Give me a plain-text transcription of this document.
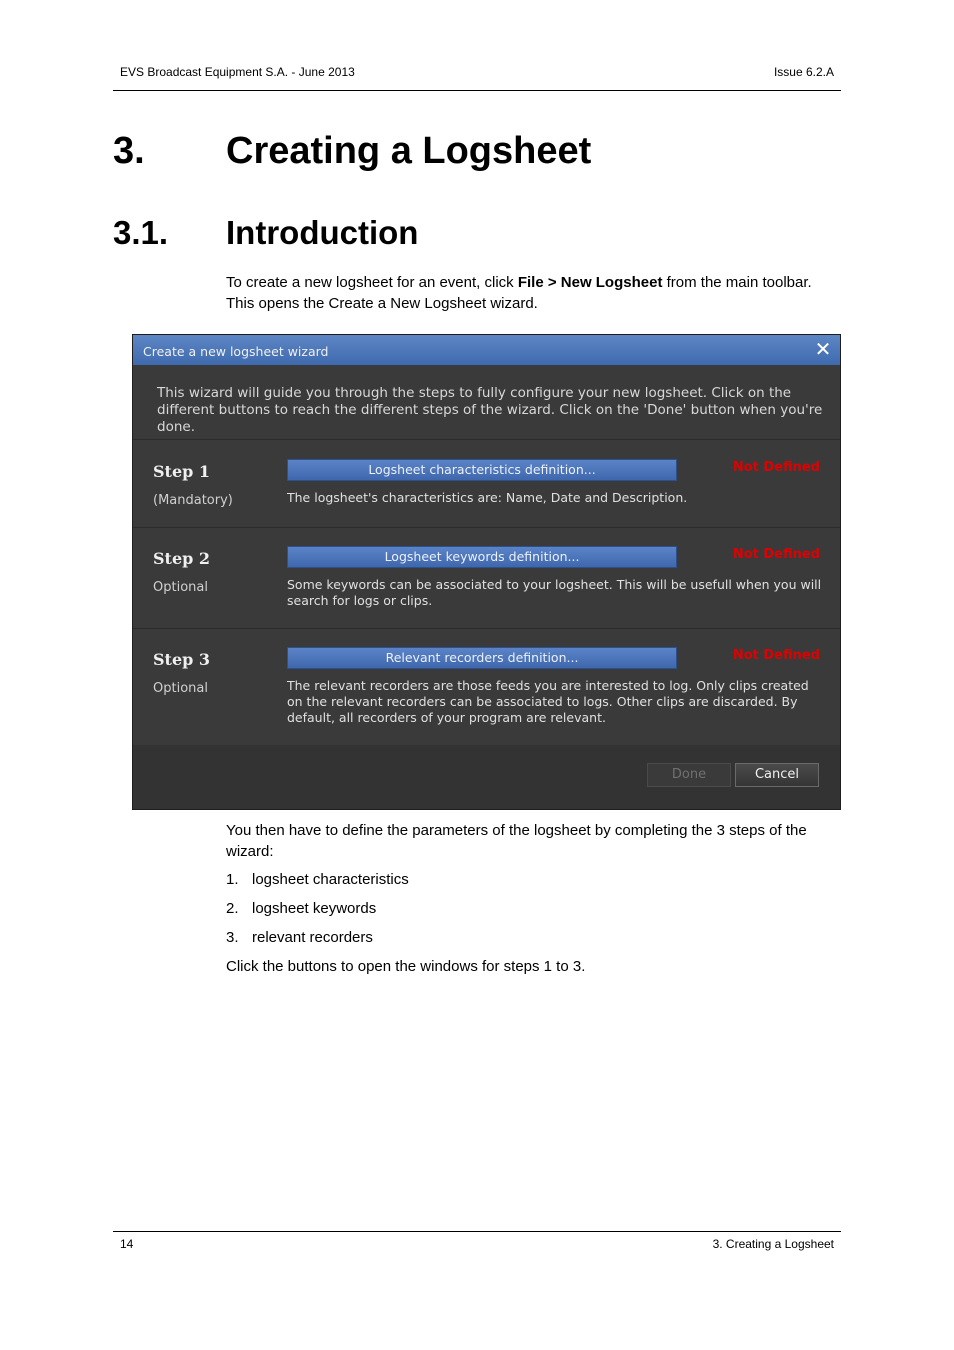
EVS Broadcast Equipment S.A. - June 2013	Issue 6.2.A
3. Creating a Logsheet
3.1. Introduction

To create a new logsheet for an event, click File > New Logsheet from the main toolbar. This opens the Create a New Logsheet wizard.

Create a new logsheet wizard	✕
This wizard will guide you through the steps to fully configure your new logsheet. Click on the different buttons to reach the different steps of the wizard. Click on the 'Done' button when you're done.
Step 1
(Mandatory)
Logsheet characteristics definition...	Not Defined
The logsheet's characteristics are: Name, Date and Description.
Step 2
Optional
Logsheet keywords definition...	Not Defined
Some keywords can be associated to your logsheet. This will be usefull when you will search for logs or clips.
Step 3
Optional
Relevant recorders definition...	Not Defined
The relevant recorders are those feeds you are interested to log. Only clips created on the relevant recorders can be associated to logs. Other clips are discarded. By default, all recorders of your program are relevant.
Done	Cancel

You then have to define the parameters of the logsheet by completing the 3 steps of the wizard:

1. logsheet characteristics
2. logsheet keywords
3. relevant recorders

Click the buttons to open the windows for steps 1 to 3.

14	3. Creating a Logsheet
